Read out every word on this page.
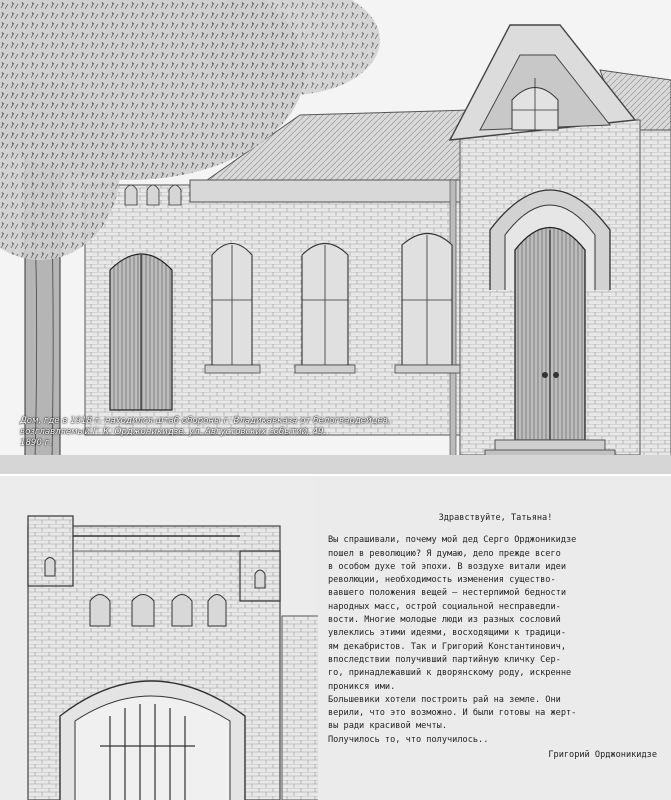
Дом, где в 1918 г. находился штаб обороны г. Владикавказа от белогвардейцев,
возглавляемый Г. К. Орджоникидзе. ул. Августовских событий, 49.
1890 г.
Здравствуйте, Татьяна!
Вы спрашивали, почему мой дед Серго Орджоникидзе
пошел в революцию? Я думаю, дело прежде всего
в особом духе той эпохи. В воздухе витали идеи
революции, необходимость изменения существо-
вавшего положения вещей – нестерпимой бедности
народных масс, острой социальной несправедли-
вости. Многие молодые люди из разных сословий
увлеклись этими идеями, восходящими к традици-
ям декабристов. Так и Григорий Константинович,
впоследствии получивший партийную кличку Сер-
го, принадлежавший к дворянскому роду, искренне
проникся ими.
Большевики хотели построить рай на земле. Они
верили, что это возможно. И были готовы на жерт-
вы ради красивой мечты.
Получилось то, что получилось..
Григорий Орджоникидзе
